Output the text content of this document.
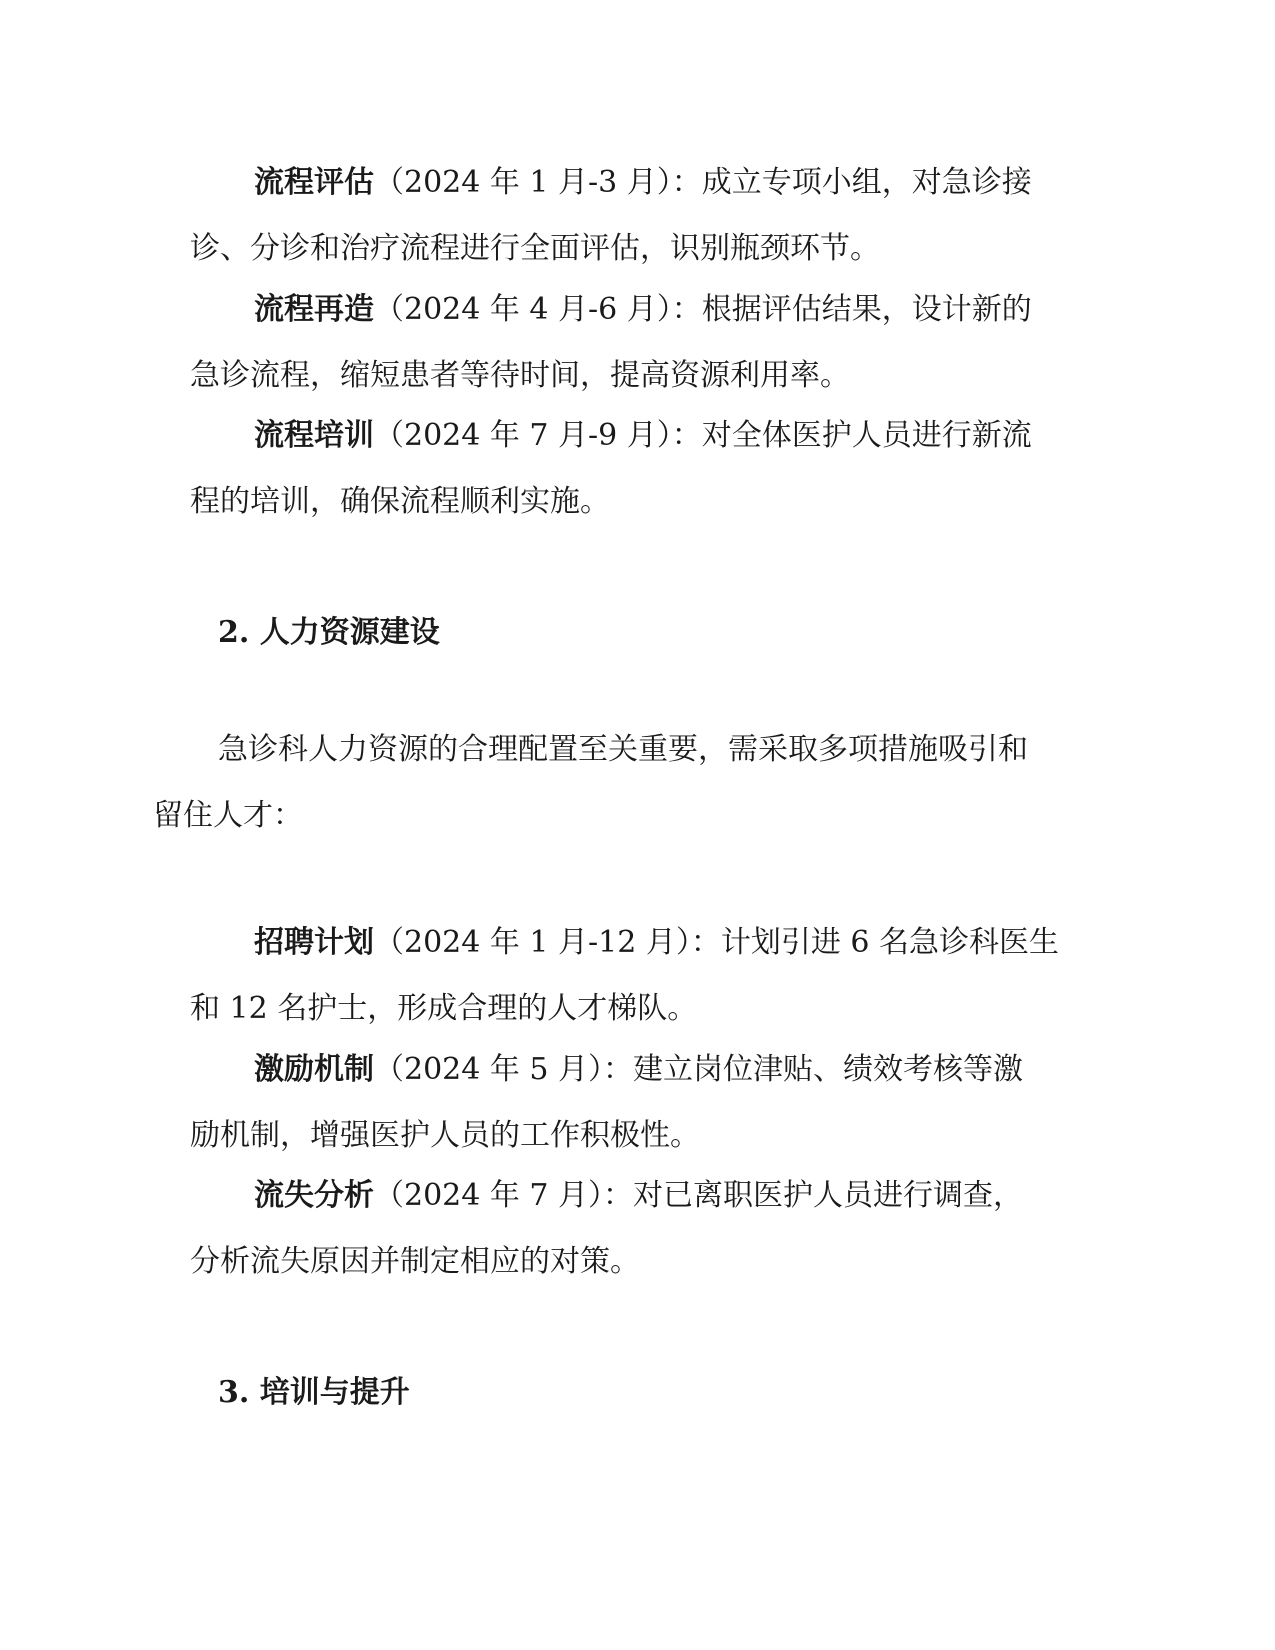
流程评估（2024 年 1 月-3 月）：成立专项小组，对急诊接
诊、分诊和治疗流程进行全面评估，识别瓶颈环节。

流程再造（2024 年 4 月-6 月）：根据评估结果，设计新的
急诊流程，缩短患者等待时间，提高资源利用率。

流程培训（2024 年 7 月-9 月）：对全体医护人员进行新流
程的培训，确保流程顺利实施。

2. 人力资源建设

急诊科人力资源的合理配置至关重要，需采取多项措施吸引和
留住人才：

招聘计划（2024 年 1 月-12 月）：计划引进 6 名急诊科医生
和 12 名护士，形成合理的人才梯队。

激励机制（2024 年 5 月）：建立岗位津贴、绩效考核等激
励机制，增强医护人员的工作积极性。

流失分析（2024 年 7 月）：对已离职医护人员进行调查，
分析流失原因并制定相应的对策。

3. 培训与提升
